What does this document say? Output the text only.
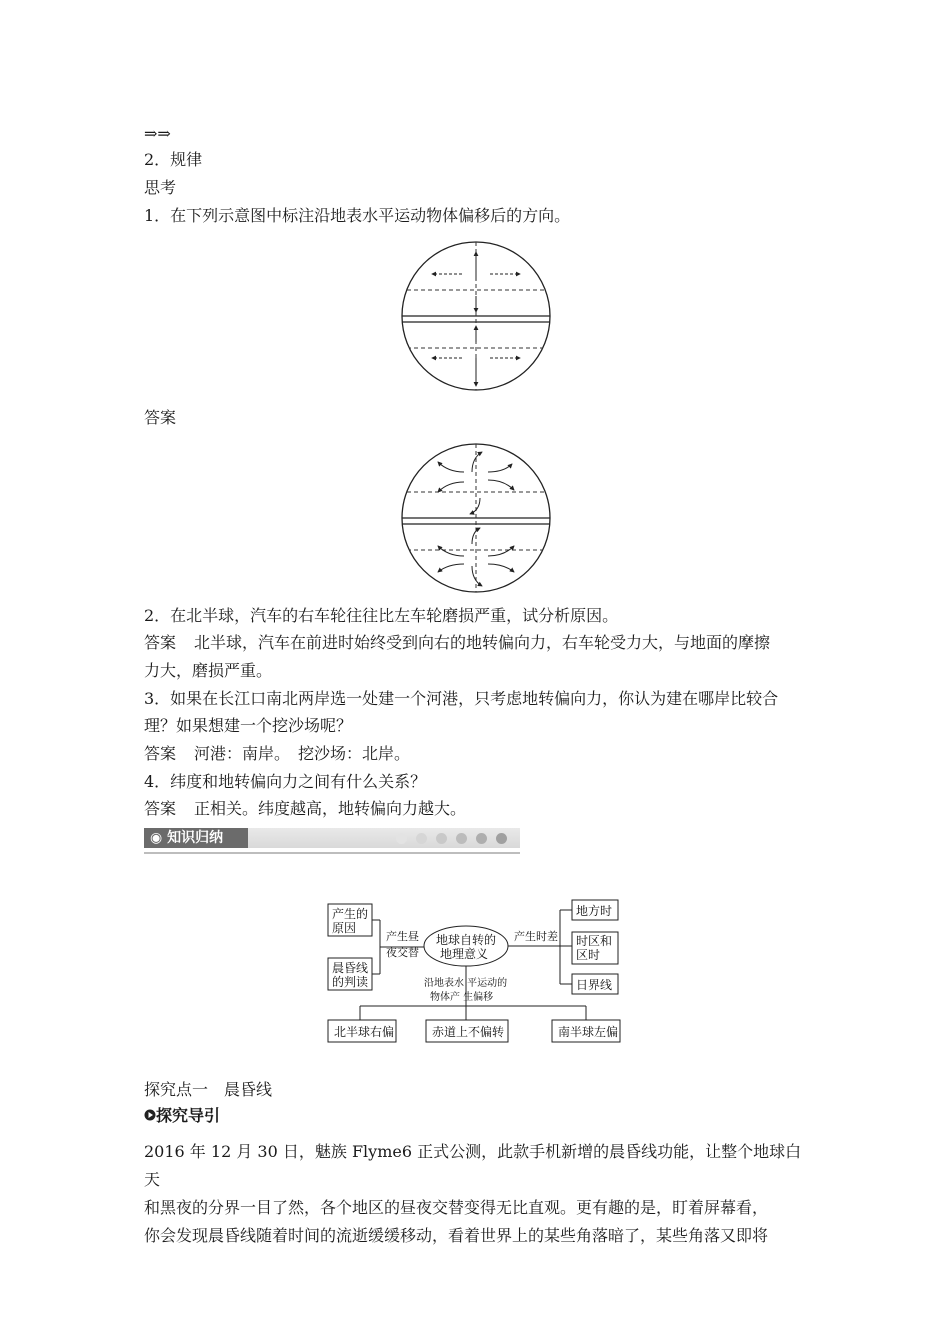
⇒⇒
2．规律
思考
1．在下列示意图中标注沿地表水平运动物体偏移后的方向。
答案
2．在北半球，汽车的右车轮往往比左车轮磨损严重，试分析原因。
答案 北半球，汽车在前进时始终受到向右的地转偏向力，右车轮受力大，与地面的摩擦
力大，磨损严重。
3．如果在长江口南北两岸选一处建一个河港，只考虑地转偏向力，你认为建在哪岸比较合
理？如果想建一个挖沙场呢？
答案 河港：南岸。　挖沙场：北岸。
4．纬度和地转偏向力之间有什么关系？
答案 正相关。纬度越高，地转偏向力越大。
◉ 知识归纳
产生的
原因
晨昏线
的判读
产生昼
夜交替
地球自转的
地理意义
产生时差
地方时
时区和
区时
日界线
沿地表水 平运动的
物体产 生偏移
北半球右偏	赤道上不偏转	南半球左偏
探究点一　晨昏线
探究导引
2016 年 12 月 30 日，魅族 Flyme6 正式公测，此款手机新增的晨昏线功能，让整个地球白天
和黑夜的分界一目了然，各个地区的昼夜交替变得无比直观。更有趣的是，盯着屏幕看，
你会发现晨昏线随着时间的流逝缓缓移动，看着世界上的某些角落暗了，某些角落又即将
